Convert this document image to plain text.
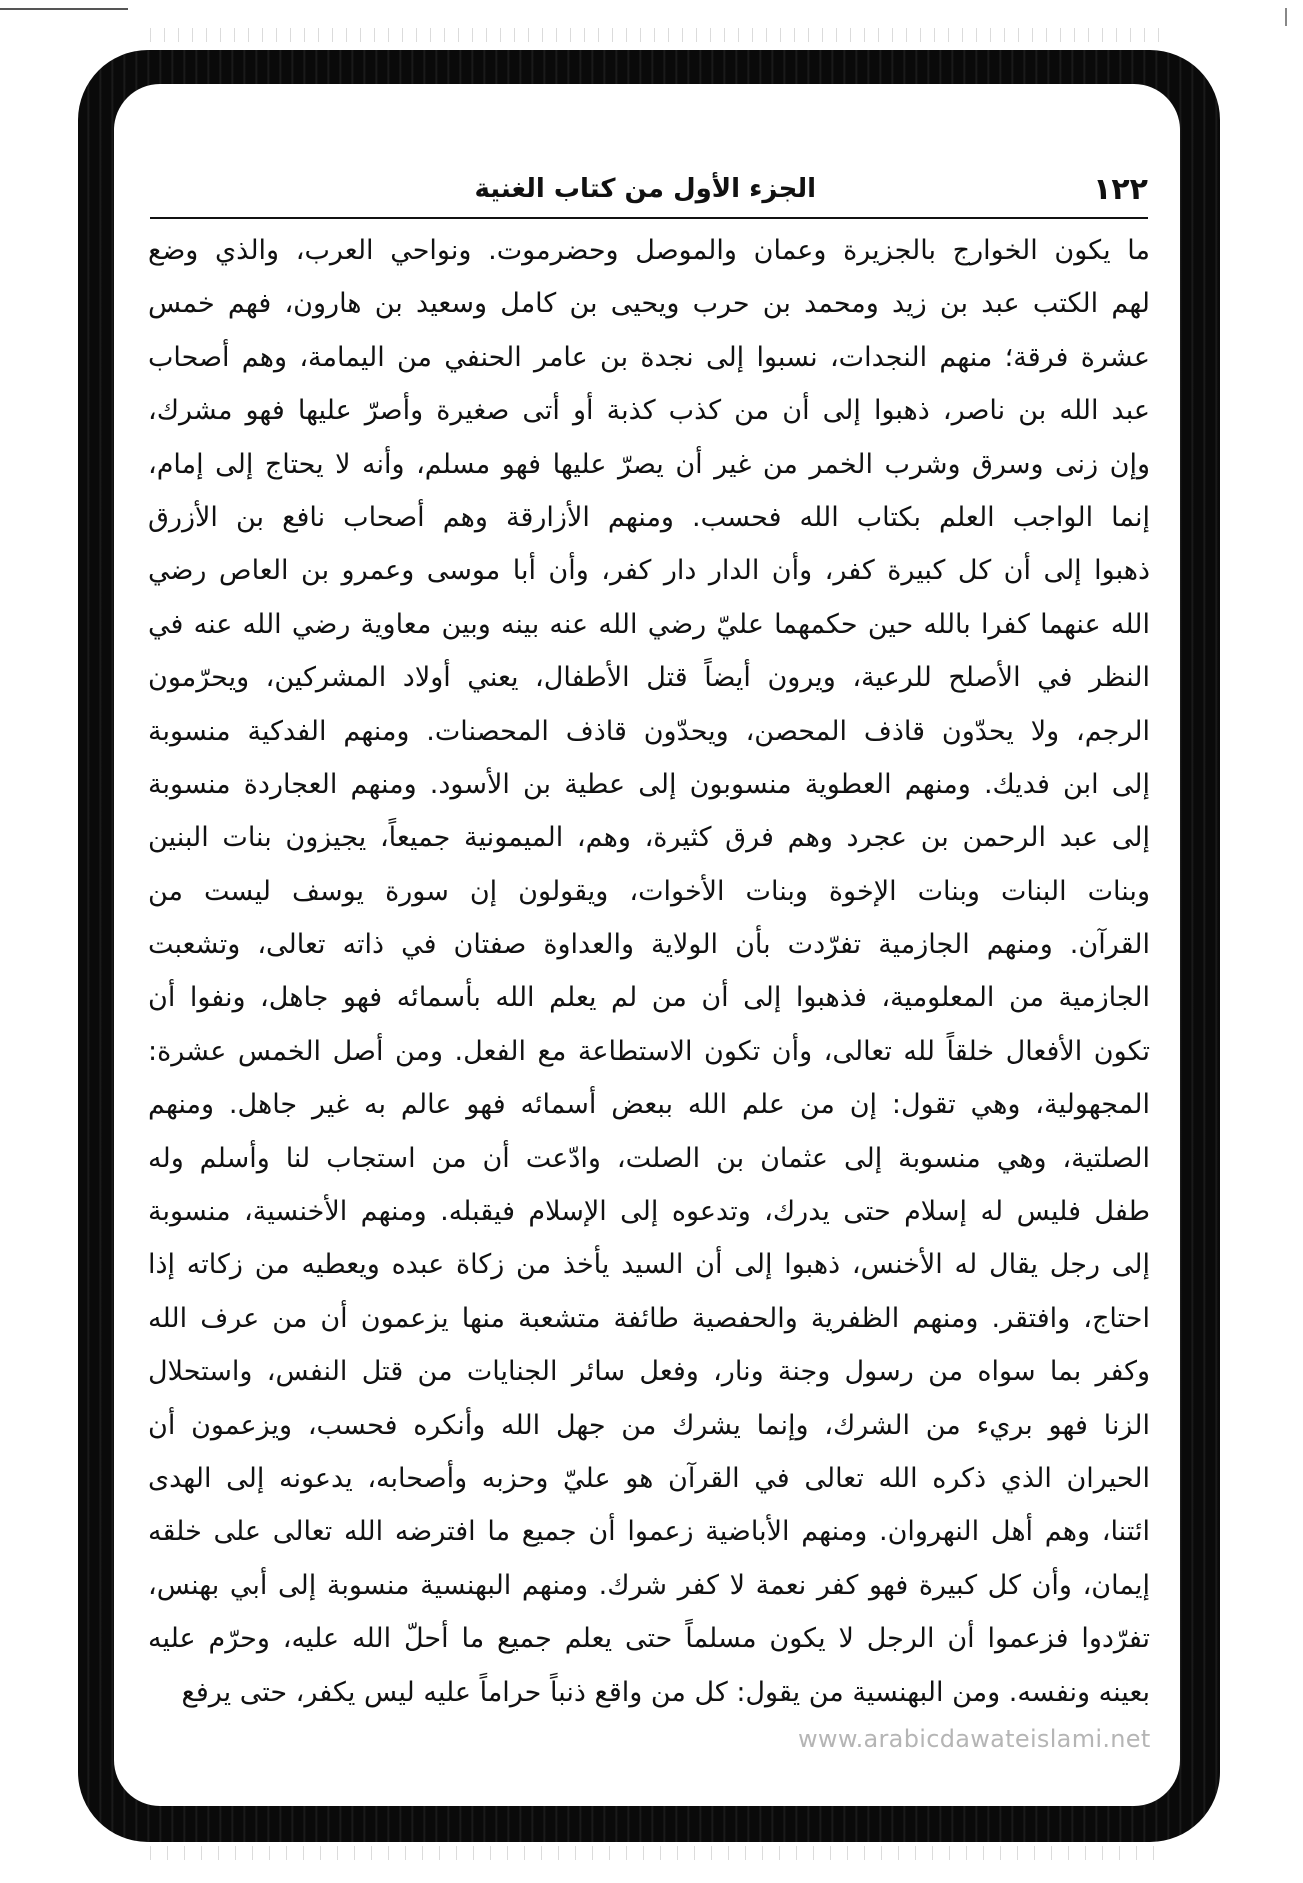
١٢٢
الجزء الأول من كتاب الغنية
ما يكون الخوارج بالجزيرة وعمان والموصل وحضرموت. ونواحي العرب، والذي وضع
لهم الكتب عبد بن زيد ومحمد بن حرب ويحيى بن كامل وسعيد بن هارون، فهم خمس
عشرة فرقة؛ منهم النجدات، نسبوا إلى نجدة بن عامر الحنفي من اليمامة، وهم أصحاب
عبد الله بن ناصر، ذهبوا إلى أن من كذب كذبة أو أتى صغيرة وأصرّ عليها فهو مشرك،
وإن زنى وسرق وشرب الخمر من غير أن يصرّ عليها فهو مسلم، وأنه لا يحتاج إلى إمام،
إنما الواجب العلم بكتاب الله فحسب. ومنهم الأزارقة وهم أصحاب نافع بن الأزرق
ذهبوا إلى أن كل كبيرة كفر، وأن الدار دار كفر، وأن أبا موسى وعمرو بن العاص رضي
الله عنهما كفرا بالله حين حكمهما عليّ رضي الله عنه بينه وبين معاوية رضي الله عنه في
النظر في الأصلح للرعية، ويرون أيضاً قتل الأطفال، يعني أولاد المشركين، ويحرّمون
الرجم، ولا يحدّون قاذف المحصن، ويحدّون قاذف المحصنات. ومنهم الفدكية منسوبة
إلى ابن فديك. ومنهم العطوية منسوبون إلى عطية بن الأسود. ومنهم العجاردة منسوبة
إلى عبد الرحمن بن عجرد وهم فرق كثيرة، وهم، الميمونية جميعاً، يجيزون بنات البنين
وبنات البنات وبنات الإخوة وبنات الأخوات، ويقولون إن سورة يوسف ليست من
القرآن. ومنهم الجازمية تفرّدت بأن الولاية والعداوة صفتان في ذاته تعالى، وتشعبت
الجازمية من المعلومية، فذهبوا إلى أن من لم يعلم الله بأسمائه فهو جاهل، ونفوا أن
تكون الأفعال خلقاً لله تعالى، وأن تكون الاستطاعة مع الفعل. ومن أصل الخمس عشرة:
المجهولية، وهي تقول: إن من علم الله ببعض أسمائه فهو عالم به غير جاهل. ومنهم
الصلتية، وهي منسوبة إلى عثمان بن الصلت، وادّعت أن من استجاب لنا وأسلم وله
طفل فليس له إسلام حتى يدرك، وتدعوه إلى الإسلام فيقبله. ومنهم الأخنسية، منسوبة
إلى رجل يقال له الأخنس، ذهبوا إلى أن السيد يأخذ من زكاة عبده ويعطيه من زكاته إذا
احتاج، وافتقر. ومنهم الظفرية والحفصية طائفة متشعبة منها يزعمون أن من عرف الله
وكفر بما سواه من رسول وجنة ونار، وفعل سائر الجنايات من قتل النفس، واستحلال
الزنا فهو بريء من الشرك، وإنما يشرك من جهل الله وأنكره فحسب، ويزعمون أن
الحيران الذي ذكره الله تعالى في القرآن هو عليّ وحزبه وأصحابه، يدعونه إلى الهدى
ائتنا، وهم أهل النهروان. ومنهم الأباضية زعموا أن جميع ما افترضه الله تعالى على خلقه
إيمان، وأن كل كبيرة فهو كفر نعمة لا كفر شرك. ومنهم البهنسية منسوبة إلى أبي بهنس،
تفرّدوا فزعموا أن الرجل لا يكون مسلماً حتى يعلم جميع ما أحلّ الله عليه، وحرّم عليه
بعينه ونفسه. ومن البهنسية من يقول: كل من واقع ذنباً حراماً عليه ليس يكفر، حتى يرفع
www.arabicdawateislami.net
